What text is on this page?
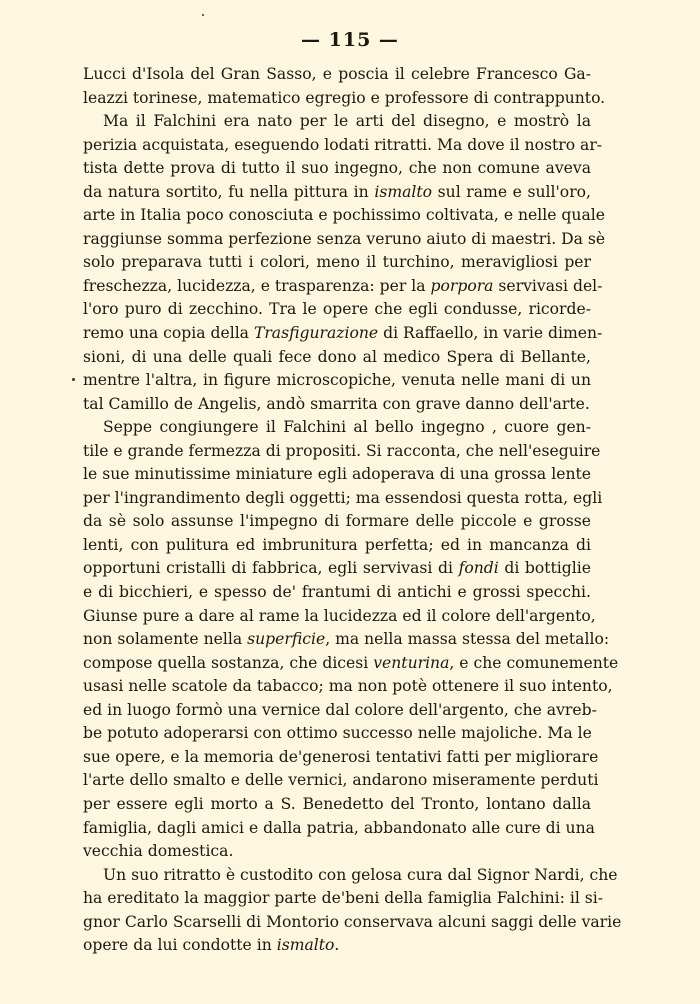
— 115 —
Lucci d'Isola del Gran Sasso, e poscia il celebre Francesco Ga-
leazzi torinese, matematico egregio e professore di contrappunto.
Ma il Falchini era nato per le arti del disegno, e mostrò la
perizia acquistata, eseguendo lodati ritratti. Ma dove il nostro ar-
tista dette prova di tutto il suo ingegno, che non comune aveva
da natura sortito, fu nella pittura in ismalto sul rame e sull'oro,
arte in Italia poco conosciuta e pochissimo coltivata, e nelle quale
raggiunse somma perfezione senza veruno aiuto di maestri. Da sè
solo preparava tutti i colori, meno il turchino, meravigliosi per
freschezza, lucidezza, e trasparenza: per la porpora servivasi del-
l'oro puro di zecchino. Tra le opere che egli condusse, ricorde-
remo una copia della Trasfigurazione di Raffaello, in varie dimen-
sioni, di una delle quali fece dono al medico Spera di Bellante,
mentre l'altra, in figure microscopiche, venuta nelle mani di un
tal Camillo de Angelis, andò smarrita con grave danno dell'arte.
Seppe congiungere il Falchini al bello ingegno , cuore gen-
tile e grande fermezza di propositi. Si racconta, che nell'eseguire
le sue minutissime miniature egli adoperava di una grossa lente
per l'ingrandimento degli oggetti; ma essendosi questa rotta, egli
da sè solo assunse l'impegno di formare delle piccole e grosse
lenti, con pulitura ed imbrunitura perfetta; ed in mancanza di
opportuni cristalli di fabbrica, egli servivasi di fondi di bottiglie
e di bicchieri, e spesso de' frantumi di antichi e grossi specchi.
Giunse pure a dare al rame la lucidezza ed il colore dell'argento,
non solamente nella superficie, ma nella massa stessa del metallo:
compose quella sostanza, che dicesi venturina, e che comunemente
usasi nelle scatole da tabacco; ma non potè ottenere il suo intento,
ed in luogo formò una vernice dal colore dell'argento, che avreb-
be potuto adoperarsi con ottimo successo nelle majoliche. Ma le
sue opere, e la memoria de'generosi tentativi fatti per migliorare
l'arte dello smalto e delle vernici, andarono miseramente perduti
per essere egli morto a S. Benedetto del Tronto, lontano dalla
famiglia, dagli amici e dalla patria, abbandonato alle cure di una
vecchia domestica.
Un suo ritratto è custodito con gelosa cura dal Signor Nardi, che
ha ereditato la maggior parte de'beni della famiglia Falchini: il si-
gnor Carlo Scarselli di Montorio conservava alcuni saggi delle varie
opere da lui condotte in ismalto.
